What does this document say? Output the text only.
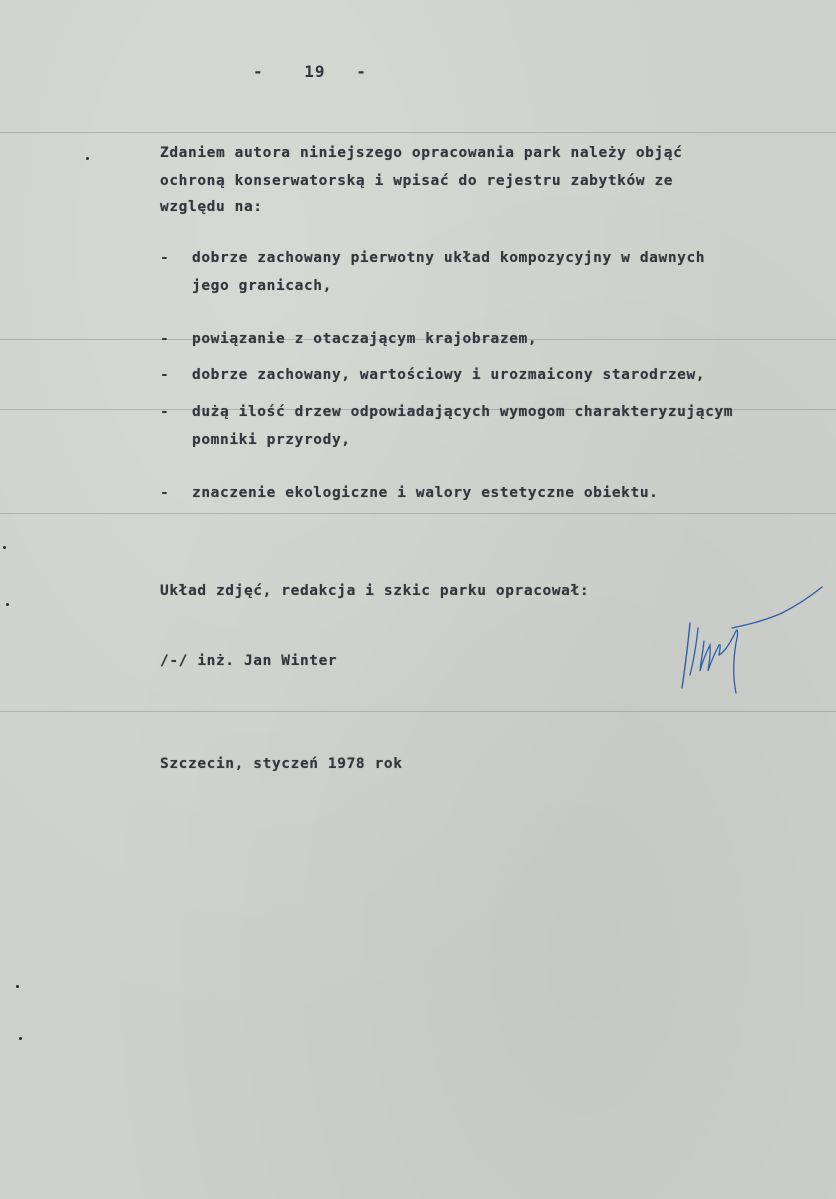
-	19 -
Zdaniem autora niniejszego opracowania park należy objąć
ochroną konserwatorską i wpisać do rejestru zabytków ze
względu na:
- dobrze zachowany pierwotny układ kompozycyjny w dawnych
jego granicach,
- powiązanie z otaczającym krajobrazem,
- dobrze zachowany, wartościowy i urozmaicony starodrzew,
- dużą ilość drzew odpowiadających wymogom charakteryzującym
pomniki przyrody,
- znaczenie ekologiczne i walory estetyczne obiektu.
Układ zdjęć, redakcja i szkic parku opracował:
/-/ inż. Jan Winter
Szczecin, styczeń 1978 rok
